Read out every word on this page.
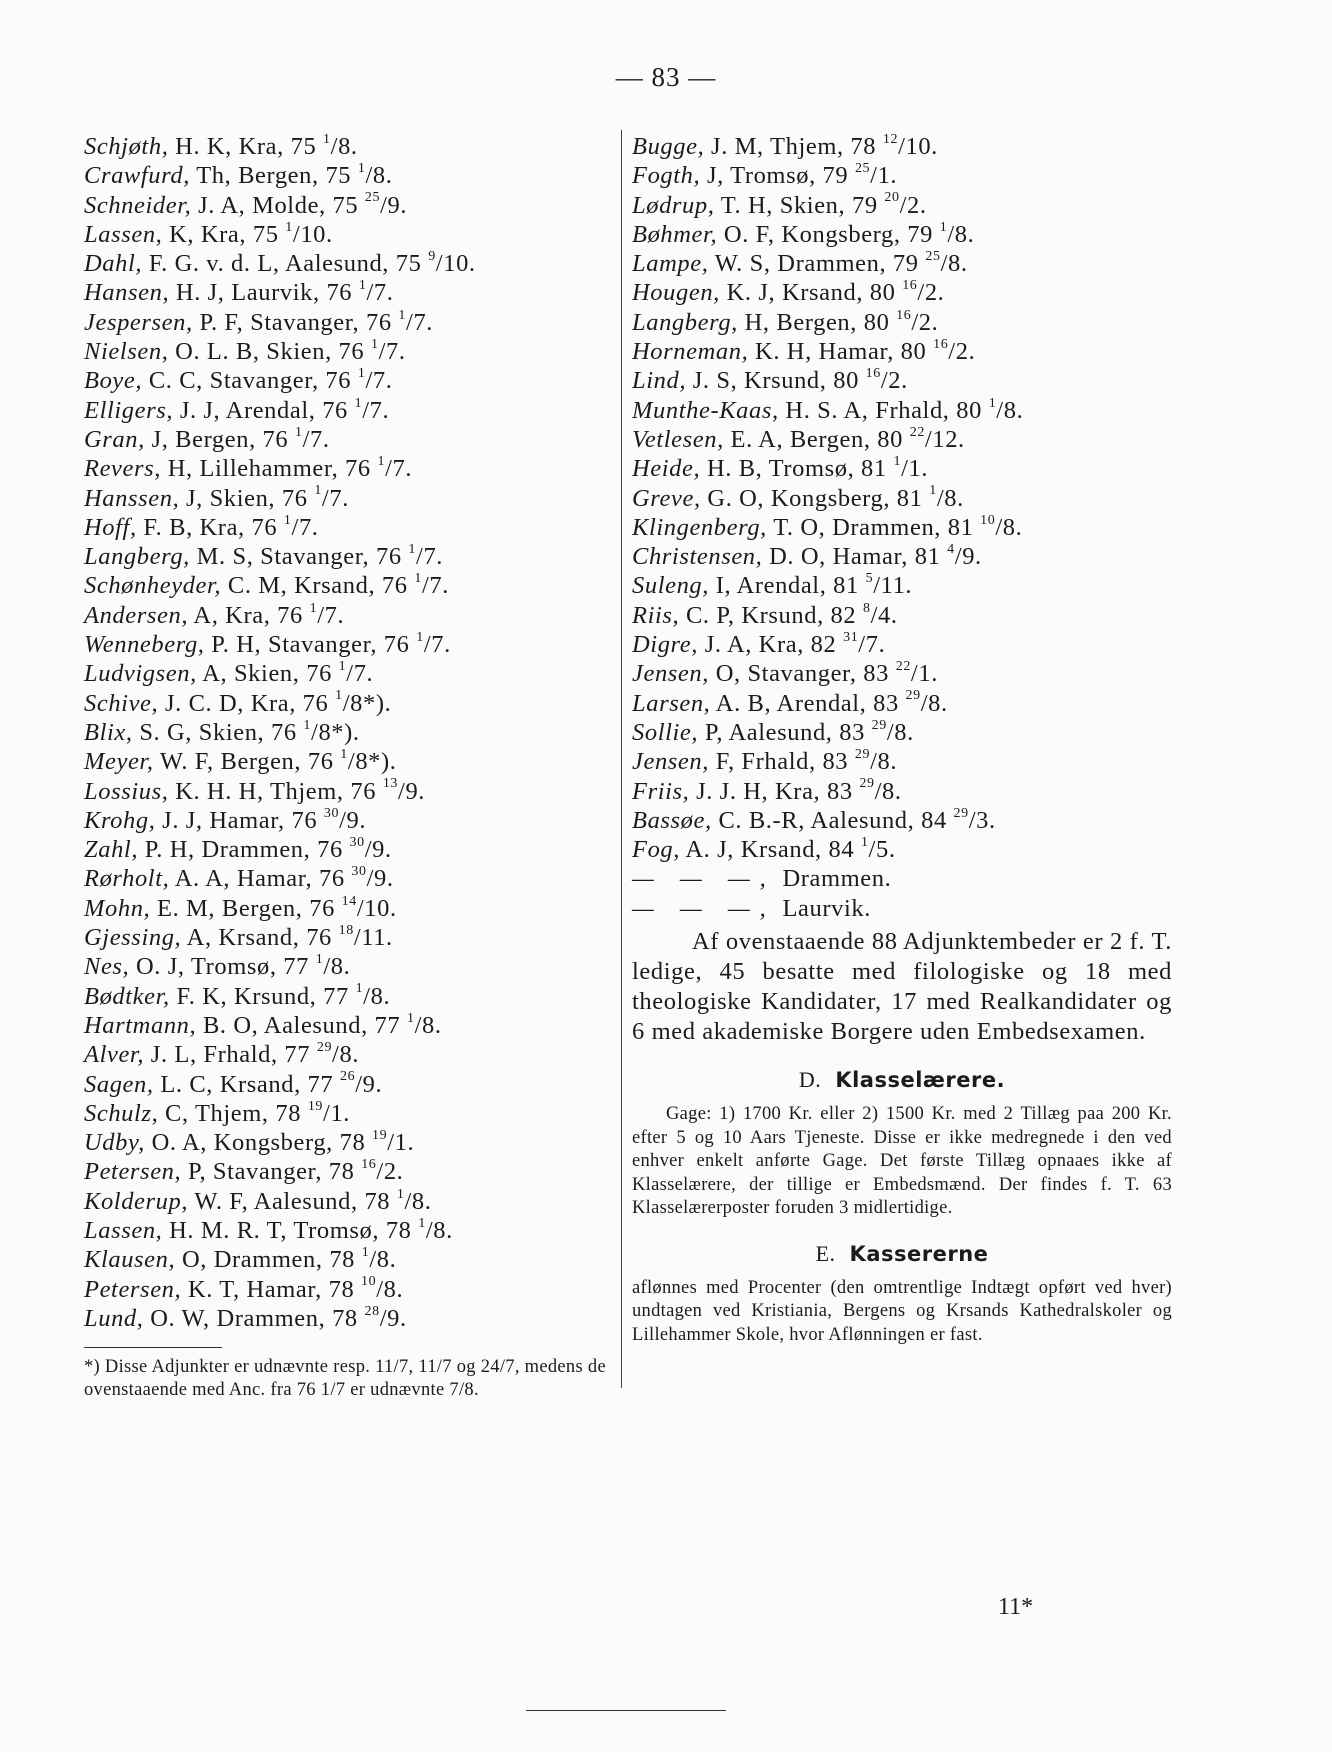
— 83 —
Schjøth, H. K, Kra, 75 $^1$/8.
Crawfurd, Th, Bergen, 75 $^1$/8.
Schneider, J. A, Molde, 75 $^{25}$/9.
Lassen, K, Kra, 75 $^1$/10.
Dahl, F. G. v. d. L, Aalesund, 75 $^9$/10.
Hansen, H. J, Laurvik, 76 $^1$/7.
Jespersen, P. F, Stavanger, 76 $^1$/7.
Nielsen, O. L. B, Skien, 76 $^1$/7.
Boye, C. C, Stavanger, 76 $^1$/7.
Elligers, J. J, Arendal, 76 $^1$/7.
Gran, J, Bergen, 76 $^1$/7.
Revers, H, Lillehammer, 76 $^1$/7.
Hanssen, J, Skien, 76 $^1$/7.
Hoff, F. B, Kra, 76 $^1$/7.
Langberg, M. S, Stavanger, 76 $^1$/7.
Schønheyder, C. M, Krsand, 76 $^1$/7.
Andersen, A, Kra, 76 $^1$/7.
Wenneberg, P. H, Stavanger, 76 $^1$/7.
Ludvigsen, A, Skien, 76 $^1$/7.
Schive, J. C. D, Kra, 76 $^1$/8*).
Blix, S. G, Skien, 76 $^1$/8*).
Meyer, W. F, Bergen, 76 $^1$/8*).
Lossius, K. H. H, Thjem, 76 $^{13}$/9.
Krohg, J. J, Hamar, 76 $^{30}$/9.
Zahl, P. H, Drammen, 76 $^{30}$/9.
Rørholt, A. A, Hamar, 76 $^{30}$/9.
Mohn, E. M, Bergen, 76 $^{14}$/10.
Gjessing, A, Krsand, 76 $^{18}$/11.
Nes, O. J, Tromsø, 77 $^1$/8.
Bødtker, F. K, Krsund, 77 $^1$/8.
Hartmann, B. O, Aalesund, 77 $^1$/8.
Alver, J. L, Frhald, 77 $^{29}$/8.
Sagen, L. C, Krsand, 77 $^{26}$/9.
Schulz, C, Thjem, 78 $^{19}$/1.
Udby, O. A, Kongsberg, 78 $^{19}$/1.
Petersen, P, Stavanger, 78 $^{16}$/2.
Kolderup, W. F, Aalesund, 78 $^1$/8.
Lassen, H. M. R. T, Tromsø, 78 $^1$/8.
Klausen, O, Drammen, 78 $^1$/8.
Petersen, K. T, Hamar, 78 $^{10}$/8.
Lund, O. W, Drammen, 78 $^{28}$/9.
*) Disse Adjunkter er udnævnte resp. 11/7, 11/7 og 24/7, medens de ovenstaaende med Anc. fra 76 1/7 er udnævnte 7/8.
Bugge, J. M, Thjem, 78 $^{12}$/10.
Fogth, J, Tromsø, 79 $^{25}$/1.
Lødrup, T. H, Skien, 79 $^{20}$/2.
Bøhmer, O. F, Kongsberg, 79 $^1$/8.
Lampe, W. S, Drammen, 79 $^{25}$/8.
Hougen, K. J, Krsand, 80 $^{16}$/2.
Langberg, H, Bergen, 80 $^{16}$/2.
Horneman, K. H, Hamar, 80 $^{16}$/2.
Lind, J. S, Krsund, 80 $^{16}$/2.
Munthe-Kaas, H. S. A, Frhald, 80 $^1$/8.
Vetlesen, E. A, Bergen, 80 $^{22}$/12.
Heide, H. B, Tromsø, 81 $^1$/1.
Greve, G. O, Kongsberg, 81 $^1$/8.
Klingenberg, T. O, Drammen, 81 $^{10}$/8.
Christensen, D. O, Hamar, 81 $^4$/9.
Suleng, I, Arendal, 81 $^5$/11.
Riis, C. P, Krsund, 82 $^8$/4.
Digre, J. A, Kra, 82 $^{31}$/7.
Jensen, O, Stavanger, 83 $^{22}$/1.
Larsen, A. B, Arendal, 83 $^{29}$/8.
Sollie, P, Aalesund, 83 $^{29}$/8.
Jensen, F, Frhald, 83 $^{29}$/8.
Friis, J. J. H, Kra, 83 $^{29}$/8.
Bassøe, C. B.-R, Aalesund, 84 $^{29}$/3.
Fog, A. J, Krsand, 84 $^1$/5.
— — —, Drammen.
— — —, Laurvik.
Af ovenstaaende 88 Adjunktembeder er 2 f. T. ledige, 45 besatte med filologiske og 18 med theologiske Kandidater, 17 med Realkandidater og 6 med akademiske Borgere uden Embedsexamen.
D. Klasselærere.
Gage: 1) 1700 Kr. eller 2) 1500 Kr. med 2 Tillæg paa 200 Kr. efter 5 og 10 Aars Tjeneste. Disse er ikke medregnede i den ved enhver enkelt anførte Gage. Det første Tillæg opnaaes ikke af Klasselærere, der tillige er Embedsmænd. Der findes f. T. 63 Klasselærerposter foruden 3 midlertidige.
E. Kassererne
aflønnes med Procenter (den omtrentlige Indtægt opført ved hver) undtagen ved Kristiania, Bergens og Krsands Kathedralskoler og Lillehammer Skole, hvor Aflønningen er fast.
11*
